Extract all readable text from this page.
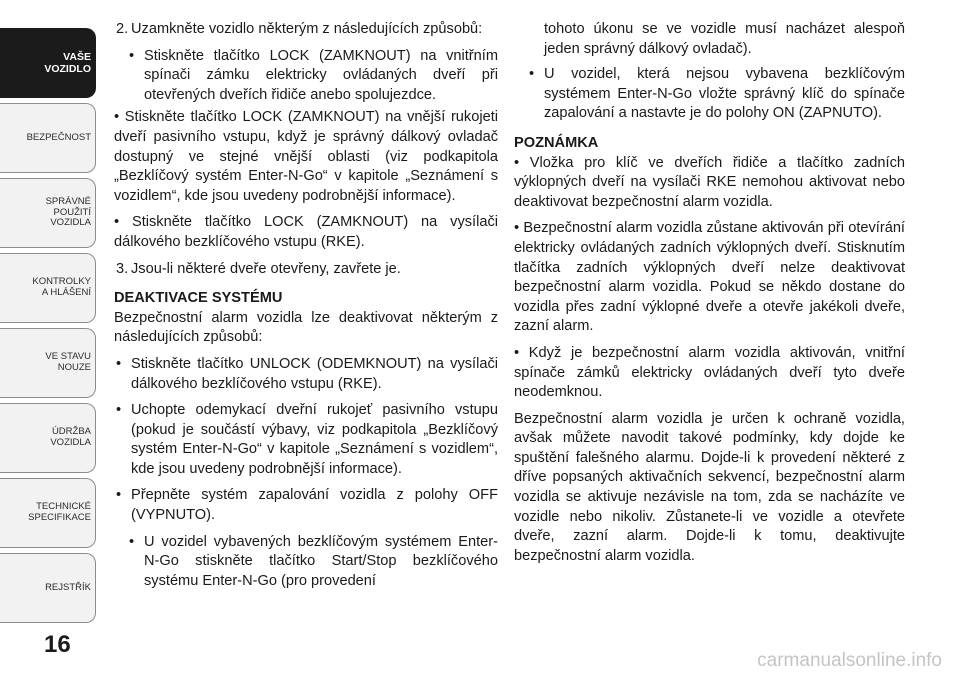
VAŠE
VOZIDLO
BEZPEČNOST
SPRÁVNÉ
POUŽITÍ
VOZIDLA
KONTROLKY
A HLÁŠENÍ
VE STAVU
NOUZE
ÚDRŽBA
VOZIDLA
TECHNICKÉ
SPECIFIKACE
REJSTŘÍK
16
2. Uzamkněte vozidlo některým z následujících způsobů:
• Stiskněte tlačítko LOCK (ZAMKNOUT) na vnitřním spínači zámku elektricky ovládaných dveří při otevřených dveřích řidiče anebo spolujezdce.

• Stiskněte tlačítko LOCK (ZAMKNOUT) na vnější rukojeti dveří pasivního vstupu, když je správný dálkový ovladač dostupný ve stejné vnější oblasti (viz podkapitola „Bezklíčový systém Enter-N-Go“ v kapitole „Seznámení s vozidlem“, kde jsou uvedeny podrobnější informace).

• Stiskněte tlačítko LOCK (ZAMKNOUT) na vysílači dálkového bezklíčového vstupu (RKE).

3. Jsou-li některé dveře otevřeny, zavřete je.
DEAKTIVACE SYSTÉMU

Bezpečnostní alarm vozidla lze deaktivovat některým z následujících způsobů:

• Stiskněte tlačítko UNLOCK (ODEMKNOUT) na vysílači dálkového bezklíčového vstupu (RKE).
• Uchopte odemykací dveřní rukojeť pasivního vstupu (pokud je součástí výbavy, viz podkapitola „Bezklíčový systém Enter-N-Go“ v kapitole „Seznámení s vozidlem“, kde jsou uvedeny podrobnější informace).
• Přepněte systém zapalování vozidla z polohy OFF (VYPNUTO).
• U vozidel vybavených bezklíčovým systémem Enter-N-Go stiskněte tlačítko Start/Stop bezklíčového systému Enter-N-Go (pro provedení
tohoto úkonu se ve vozidle musí nacházet alespoň jeden správný dálkový ovladač).
• U vozidel, která nejsou vybavena bezklíčovým systémem Enter-N-Go vložte správný klíč do spínače zapalování a nastavte je do polohy ON (ZAPNUTO).
POZNÁMKA

• Vložka pro klíč ve dveřích řidiče a tlačítko zadních výklopných dveří na vysílači RKE nemohou aktivovat nebo deaktivovat bezpečnostní alarm vozidla.

• Bezpečnostní alarm vozidla zůstane aktivován při otevírání elektricky ovládaných zadních výklopných dveří. Stisknutím tlačítka zadních výklopných dveří nelze deaktivovat bezpečnostní alarm vozidla. Pokud se někdo dostane do vozidla přes zadní výklopné dveře a otevře jakékoli dveře, zazní alarm.

• Když je bezpečnostní alarm vozidla aktivován, vnitřní spínače zámků elektricky ovládaných dveří tyto dveře neodemknou.

Bezpečnostní alarm vozidla je určen k ochraně vozidla, avšak můžete navodit takové podmínky, kdy dojde ke spuštění falešného alarmu. Dojde-li k provedení některé z dříve popsaných aktivačních sekvencí, bezpečnostní alarm vozidla se aktivuje nezávisle na tom, zda se nacházíte ve vozidle nebo nikoliv. Zůstanete-li ve vozidle a otevřete dveře, zazní alarm. Dojde-li k tomu, deaktivujte bezpečnostní alarm vozidla.

carmanualsonline.info
